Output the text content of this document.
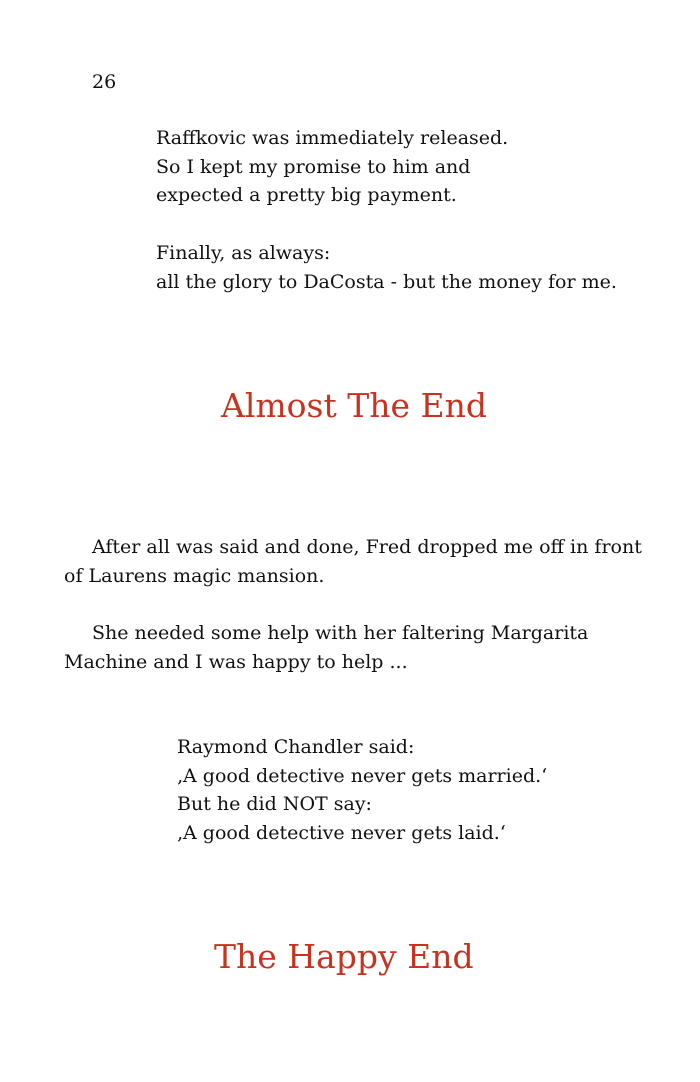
26
Raffkovic was immediately released.
So I kept my promise to him and
expected a pretty big payment.
Finally, as always:
all the glory to DaCosta - but the money for me.
Almost The End

After all was said and done, Fred dropped me off in front of Laurens magic mansion.

She needed some help with her faltering Margarita Machine and I was happy to help ...

Raymond Chandler said:
‚A good detective never gets married.‘
But he did NOT say:
‚A good detective never gets laid.‘
The Happy End
